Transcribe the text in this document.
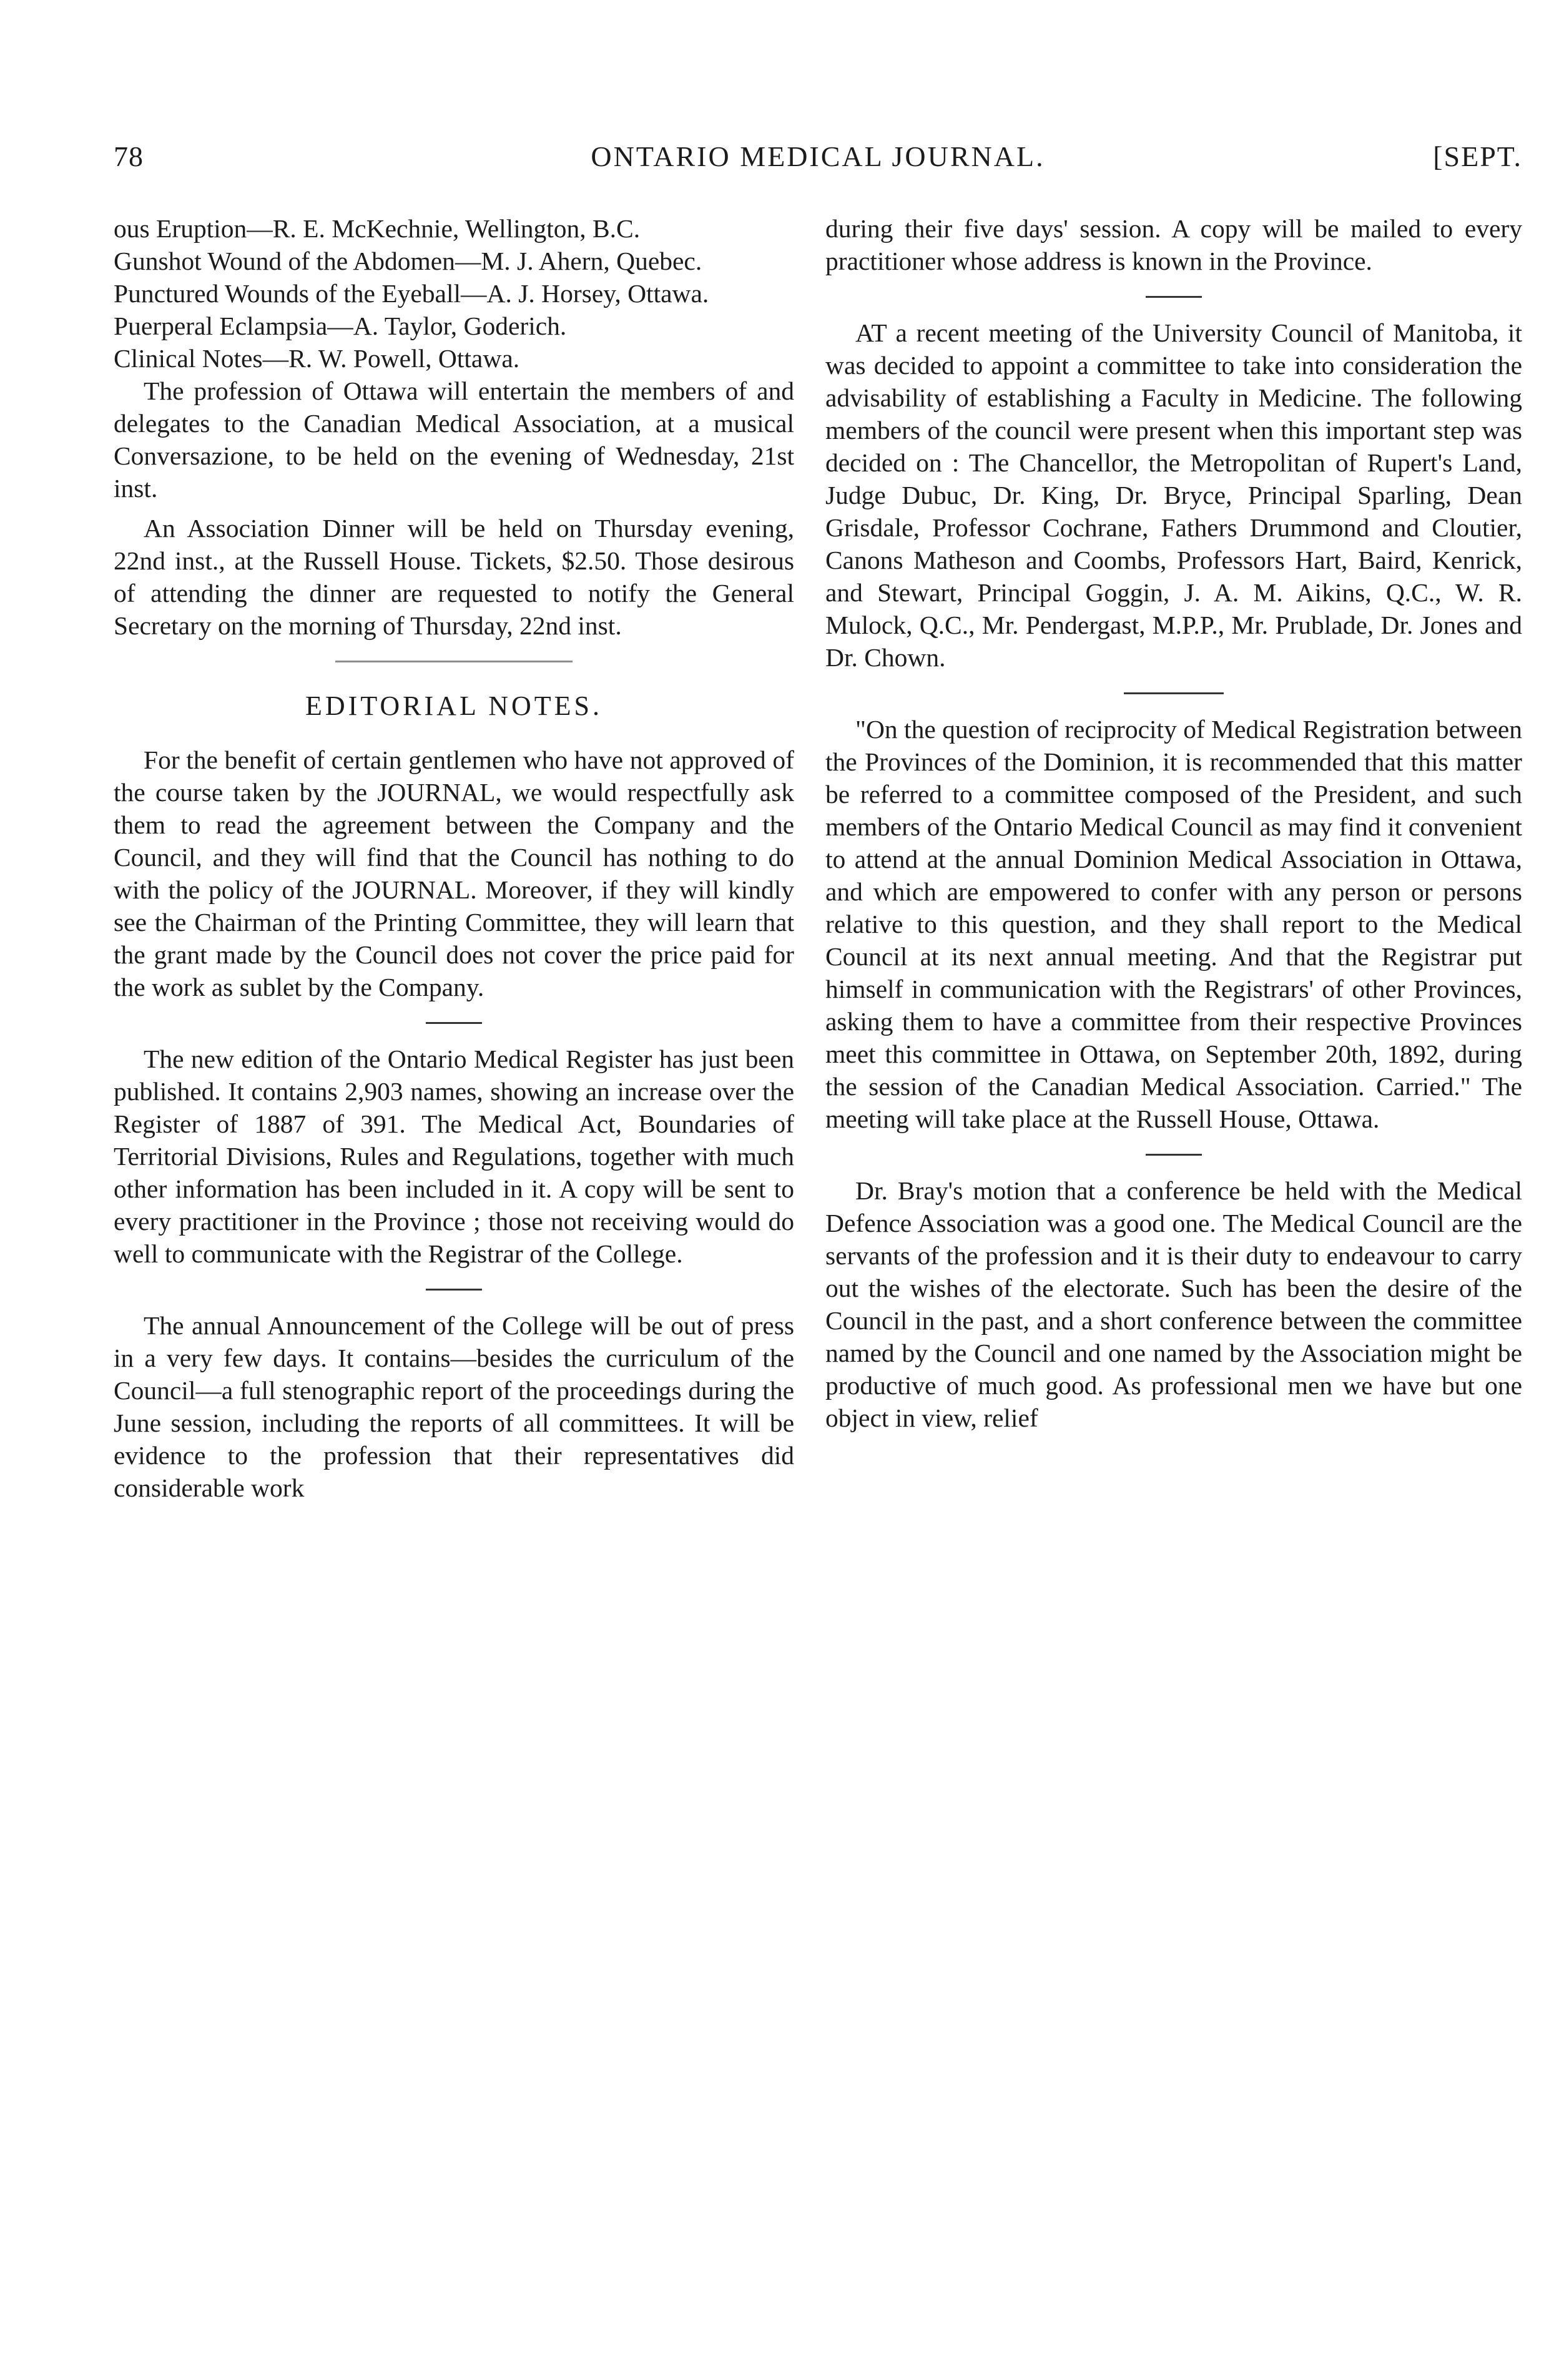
78	ONTARIO MEDICAL JOURNAL.	[SEPT.

ous Eruption—R. E. McKechnie, Wellington, B.C.

Gunshot Wound of the Abdomen—M. J. Ahern, Quebec.

Punctured Wounds of the Eyeball—A. J. Horsey, Ottawa.

Puerperal Eclampsia—A. Taylor, Goderich.

Clinical Notes—R. W. Powell, Ottawa.

The profession of Ottawa will entertain the members of and delegates to the Canadian Medical Association, at a musical Conversazione, to be held on the evening of Wednesday, 21st inst.

An Association Dinner will be held on Thursday evening, 22nd inst., at the Russell House. Tickets, $2.50. Those desirous of attending the dinner are requested to notify the General Secretary on the morning of Thursday, 22nd inst.

EDITORIAL NOTES.

For the benefit of certain gentlemen who have not approved of the course taken by the JOURNAL, we would respectfully ask them to read the agreement between the Company and the Council, and they will find that the Council has nothing to do with the policy of the JOURNAL. Moreover, if they will kindly see the Chairman of the Printing Committee, they will learn that the grant made by the Council does not cover the price paid for the work as sublet by the Company.

The new edition of the Ontario Medical Register has just been published. It contains 2,903 names, showing an increase over the Register of 1887 of 391. The Medical Act, Boundaries of Territorial Divisions, Rules and Regulations, together with much other information has been included in it. A copy will be sent to every practitioner in the Province ; those not receiving would do well to communicate with the Registrar of the College.

The annual Announcement of the College will be out of press in a very few days. It contains—besides the curriculum of the Council—a full stenographic report of the proceedings during the June session, including the reports of all committees. It will be evidence to the profession that their representatives did considerable work

during their five days' session. A copy will be mailed to every practitioner whose address is known in the Province.

AT a recent meeting of the University Council of Manitoba, it was decided to appoint a committee to take into consideration the advisability of establishing a Faculty in Medicine. The following members of the council were present when this important step was decided on : The Chancellor, the Metropolitan of Rupert's Land, Judge Dubuc, Dr. King, Dr. Bryce, Principal Sparling, Dean Grisdale, Professor Cochrane, Fathers Drummond and Cloutier, Canons Matheson and Coombs, Professors Hart, Baird, Kenrick, and Stewart, Principal Goggin, J. A. M. Aikins, Q.C., W. R. Mulock, Q.C., Mr. Pendergast, M.P.P., Mr. Prublade, Dr. Jones and Dr. Chown.

"On the question of reciprocity of Medical Registration between the Provinces of the Dominion, it is recommended that this matter be referred to a committee composed of the President, and such members of the Ontario Medical Council as may find it convenient to attend at the annual Dominion Medical Association in Ottawa, and which are empowered to confer with any person or persons relative to this question, and they shall report to the Medical Council at its next annual meeting. And that the Registrar put himself in communication with the Registrars' of other Provinces, asking them to have a committee from their respective Provinces meet this committee in Ottawa, on September 20th, 1892, during the session of the Canadian Medical Association. Carried." The meeting will take place at the Russell House, Ottawa.

Dr. Bray's motion that a conference be held with the Medical Defence Association was a good one. The Medical Council are the servants of the profession and it is their duty to endeavour to carry out the wishes of the electorate. Such has been the desire of the Council in the past, and a short conference between the committee named by the Council and one named by the Association might be productive of much good. As professional men we have but one object in view, relief
